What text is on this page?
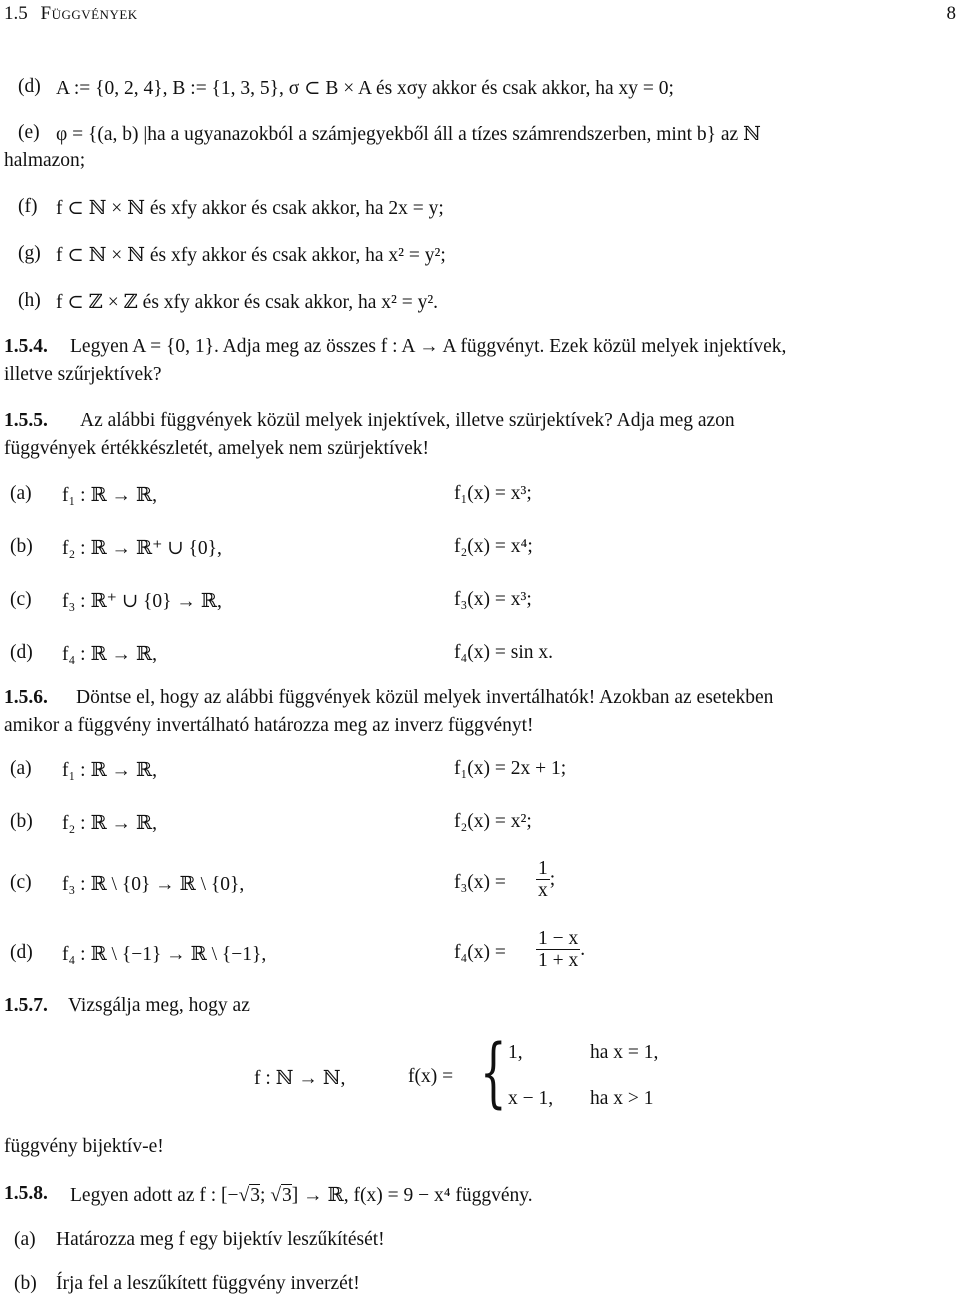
1.5 Függvények	8
(d) A := {0, 2, 4}, B := {1, 3, 5}, σ ⊂ B × A és xσy akkor és csak akkor, ha xy = 0;
(e) φ = {(a, b) |ha a ugyanazokból a számjegyekből áll a tízes számrendszerben, mint b} az ℕ
halmazon;
(f) f ⊂ ℕ × ℕ és xfy akkor és csak akkor, ha 2x = y;
(g) f ⊂ ℕ × ℕ és xfy akkor és csak akkor, ha x² = y²;
(h) f ⊂ ℤ × ℤ és xfy akkor és csak akkor, ha x² = y².
1.5.4. Legyen A = {0, 1}. Adja meg az összes f : A → A függvényt. Ezek közül melyek injektívek,
illetve szűrjektívek?
1.5.5. Az alábbi függvények közül melyek injektívek, illetve szürjektívek? Adja meg azon
függvények értékkészletét, amelyek nem szürjektívek!
(a) f₁ : ℝ → ℝ,	f₁(x) = x³;
(b) f₂ : ℝ → ℝ⁺ ∪ {0},	f₂(x) = x⁴;
(c) f₃ : ℝ⁺ ∪ {0} → ℝ,	f₃(x) = x³;
(d) f₄ : ℝ → ℝ,	f₄(x) = sin x.
1.5.6. Döntse el, hogy az alábbi függvények közül melyek invertálhatók! Azokban az esetekben
amikor a függvény invertálható határozza meg az inverz függvényt!
(a) f₁ : ℝ → ℝ,	f₁(x) = 2x + 1;
(b) f₂ : ℝ → ℝ,	f₂(x) = x²;
(c) f₃ : ℝ \ {0} → ℝ \ {0},	$f_3(x) = \frac{1}{x}$ ;
(d) f₄ : ℝ \ {−1} → ℝ \ {−1},	$f_4(x) = \frac{1 - x}{1 + x}$ .
1.5.7. Vizsgálja meg, hogy az
f : ℕ → ℕ,	f(x) = { 1,	ha x = 1,
x − 1, ha x > 1
függvény bijektív-e!
1.5.8. Legyen adott az f : [−√3; √3] → ℝ, f(x) = 9 − x⁴ függvény.
(a) Határozza meg f egy bijektív leszűkítését!
(b) Írja fel a leszűkített függvény inverzét!
